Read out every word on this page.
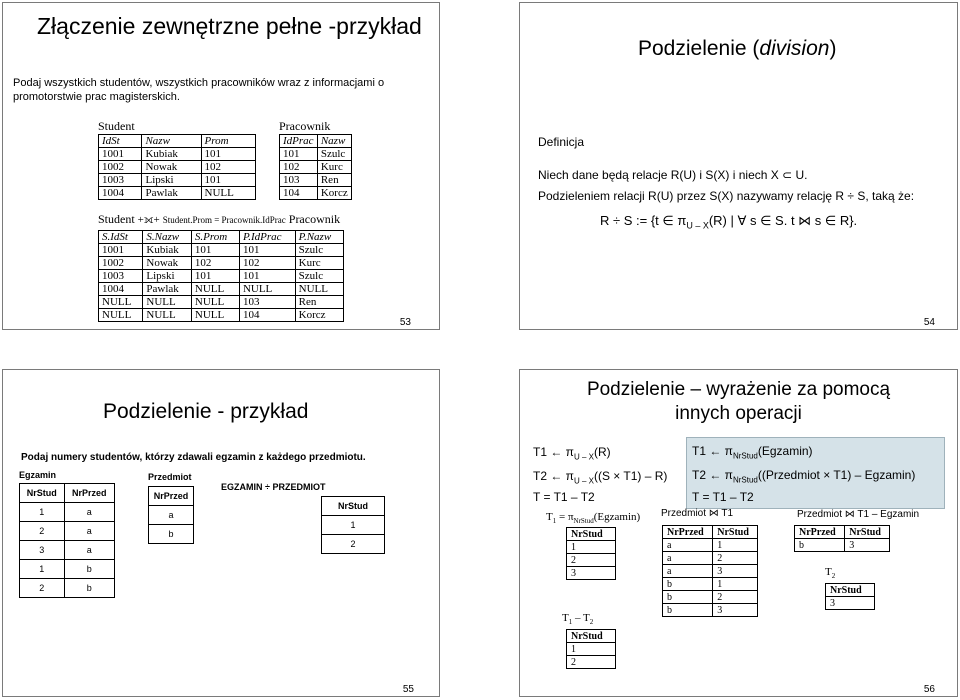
Złączenie zewnętrzne pełne -przykład
Podaj wszystkich studentów, wszystkich pracowników wraz z informacjami o promotorstwie prac magisterskich.
Student
IdSt	Nazw	Prom
1001	Kubiak	101
1002	Nowak	102
1003	Lipski	101
1004	Pawlak	NULL
Pracownik
IdPrac	Nazw
101	Szulc
102	Kurc
103	Ren
104	Korcz
Student +⟗+ Student.Prom = Pracownik.IdPrac Pracownik
S.IdSt	S.Nazw	S.Prom	P.IdPrac	P.Nazw
1001	Kubiak	101	101	Szulc
1002	Nowak	102	102	Kurc
1003	Lipski	101	101	Szulc
1004	Pawlak	NULL	NULL	NULL
NULL	NULL	NULL	103	Ren
NULL	NULL	NULL	104	Korcz
53
Podzielenie (division)
Definicja
Niech dane będą relacje R(U) i S(X) i niech X ⊂ U.
Podzieleniem relacji R(U) przez S(X) nazywamy relację R ÷ S, taką że:
R ÷ S := {t ∈ $\pi_{U - X}(R)$ | ∀ s ∈ S. t ⋈ s ∈ R}.
54
Podzielenie - przykład
Podaj numery studentów, którzy zdawali egzamin z każdego przedmiotu.
Egzamin
NrStud	NrPrzed
1	a
2	a
3	a
1	b
2	b
Przedmiot
NrPrzed
a
b
EGZAMIN ÷ PRZEDMIOT
NrStud
1
2
55
Podzielenie – wyrażenie za pomocą
innych operacji
T1 ← $\pi_{U - X}(R)$
T2 ← $\pi_{U - X}((S \times T1) - R)$
T = T1 – T2
T1 ← $\pi_{NrStud}(Egzamin)$
T2 ← $\pi_{NrStud}((Przedmiot \times T1)$ – Egzamin)
T = T1 – T2
$T_1$ = $\pi_{NrStud}(Egzamin)$
NrStud
1
2
3
Przedmiot ⋈ T1
NrPrzed	NrStud
a	1
a	2
a	3
b	1
b	2
b	3
Przedmiot ⋈ T1 – Egzamin
NrPrzed	NrStud
b	3
$T_2$
NrStud
3
$T_1 - T_2$
NrStud
1
2
56
